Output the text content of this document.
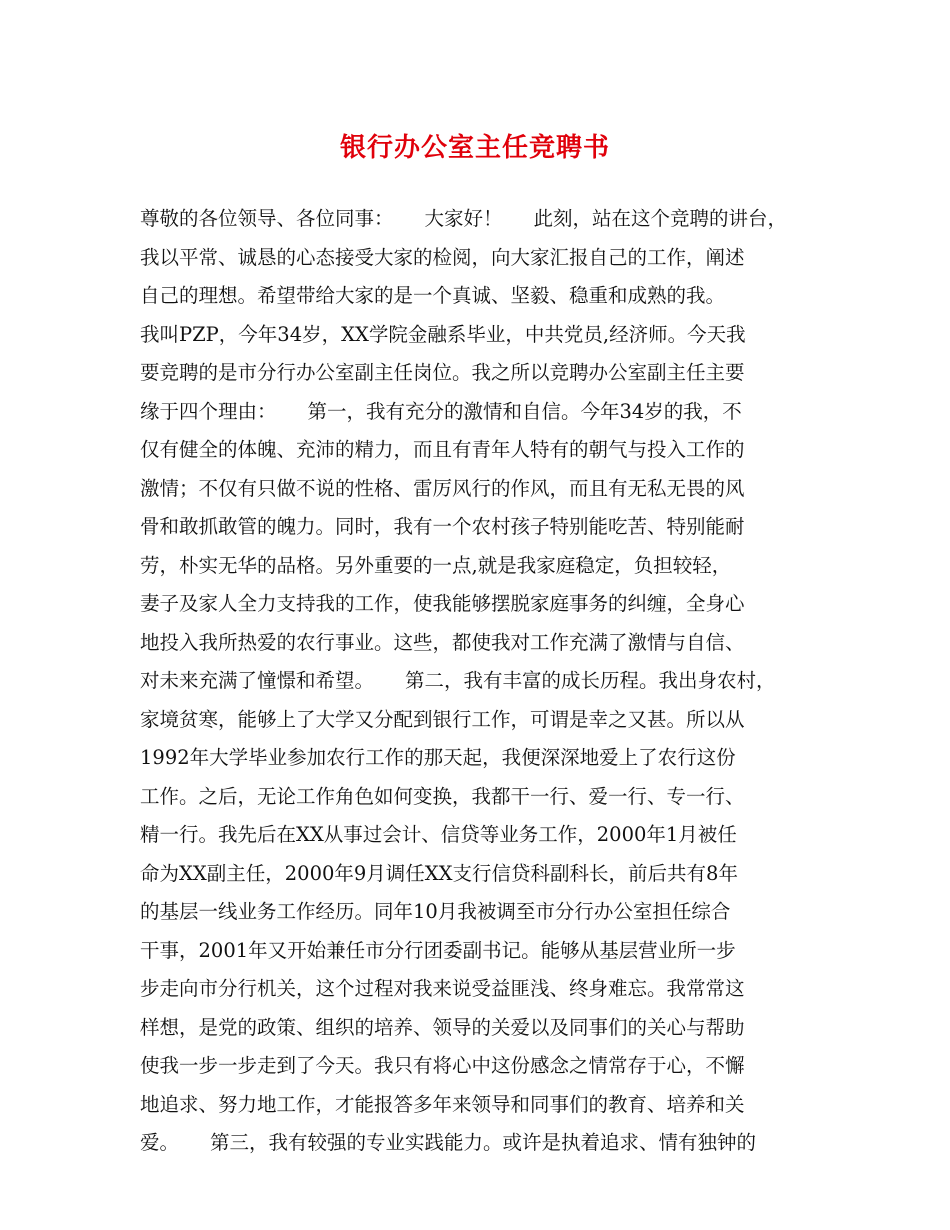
银行办公室主任竞聘书
尊敬的各位领导、各位同事：     大家好！     此刻，站在这个竞聘的讲台，
我以平常、诚恳的心态接受大家的检阅，向大家汇报自己的工作，阐述
自己的理想。希望带给大家的是一个真诚、坚毅、稳重和成熟的我。
我叫PZP，今年34岁，XX学院金融系毕业，中共党员,经济师。今天我
要竞聘的是市分行办公室副主任岗位。我之所以竞聘办公室副主任主要
缘于四个理由：     第一，我有充分的激情和自信。今年34岁的我，不
仅有健全的体魄、充沛的精力，而且有青年人特有的朝气与投入工作的
激情；不仅有只做不说的性格、雷厉风行的作风，而且有无私无畏的风
骨和敢抓敢管的魄力。同时，我有一个农村孩子特别能吃苦、特别能耐
劳，朴实无华的品格。另外重要的一点,就是我家庭稳定，负担较轻，
妻子及家人全力支持我的工作，使我能够摆脱家庭事务的纠缠，全身心
地投入我所热爱的农行事业。这些，都使我对工作充满了激情与自信、
对未来充满了憧憬和希望。     第二，我有丰富的成长历程。我出身农村，
家境贫寒，能够上了大学又分配到银行工作，可谓是幸之又甚。所以从
1992年大学毕业参加农行工作的那天起，我便深深地爱上了农行这份
工作。之后，无论工作角色如何变换，我都干一行、爱一行、专一行、
精一行。我先后在XX从事过会计、信贷等业务工作，2000年1月被任
命为XX副主任，2000年9月调任XX支行信贷科副科长，前后共有8年
的基层一线业务工作经历。同年10月我被调至市分行办公室担任综合
干事，2001年又开始兼任市分行团委副书记。能够从基层营业所一步
步走向市分行机关，这个过程对我来说受益匪浅、终身难忘。我常常这
样想，是党的政策、组织的培养、领导的关爱以及同事们的关心与帮助
使我一步一步走到了今天。我只有将心中这份感念之情常存于心，不懈
地追求、努力地工作，才能报答多年来领导和同事们的教育、培养和关
爱。     第三，我有较强的专业实践能力。或许是执着追求、情有独钟的
